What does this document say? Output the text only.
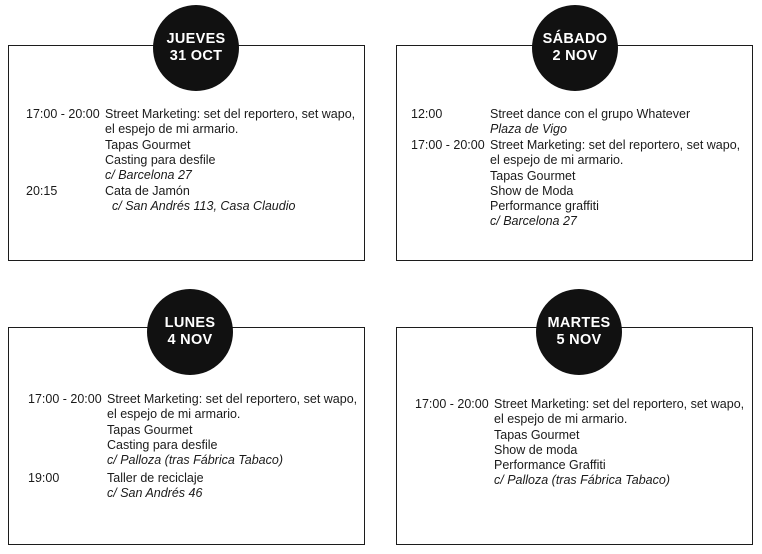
JUEVES
31 OCT
17:00 - 20:00 Street Marketing: set del reportero, set wapo,
el espejo de mi armario.
Tapas Gourmet
Casting para desfile
c/ Barcelona 27
20:15	Cata de Jamón
c/ San Andrés 113, Casa Claudio
SÁBADO
2 NOV
12:00	Street dance con el grupo Whatever
Plaza de Vigo
17:00 - 20:00 Street Marketing: set del reportero, set wapo,
el espejo de mi armario.
Tapas Gourmet
Show de Moda
Performance graffiti
c/ Barcelona 27
LUNES
4 NOV
17:00 - 20:00 Street Marketing: set del reportero, set wapo,
el espejo de mi armario.
Tapas Gourmet
Casting para desfile
c/ Palloza (tras Fábrica Tabaco)
19:00	Taller de reciclaje
c/ San Andrés 46
MARTES
5 NOV
17:00 - 20:00 Street Marketing: set del reportero, set wapo,
el espejo de mi armario.
Tapas Gourmet
Show de moda
Performance Graffiti
c/ Palloza (tras Fábrica Tabaco)
